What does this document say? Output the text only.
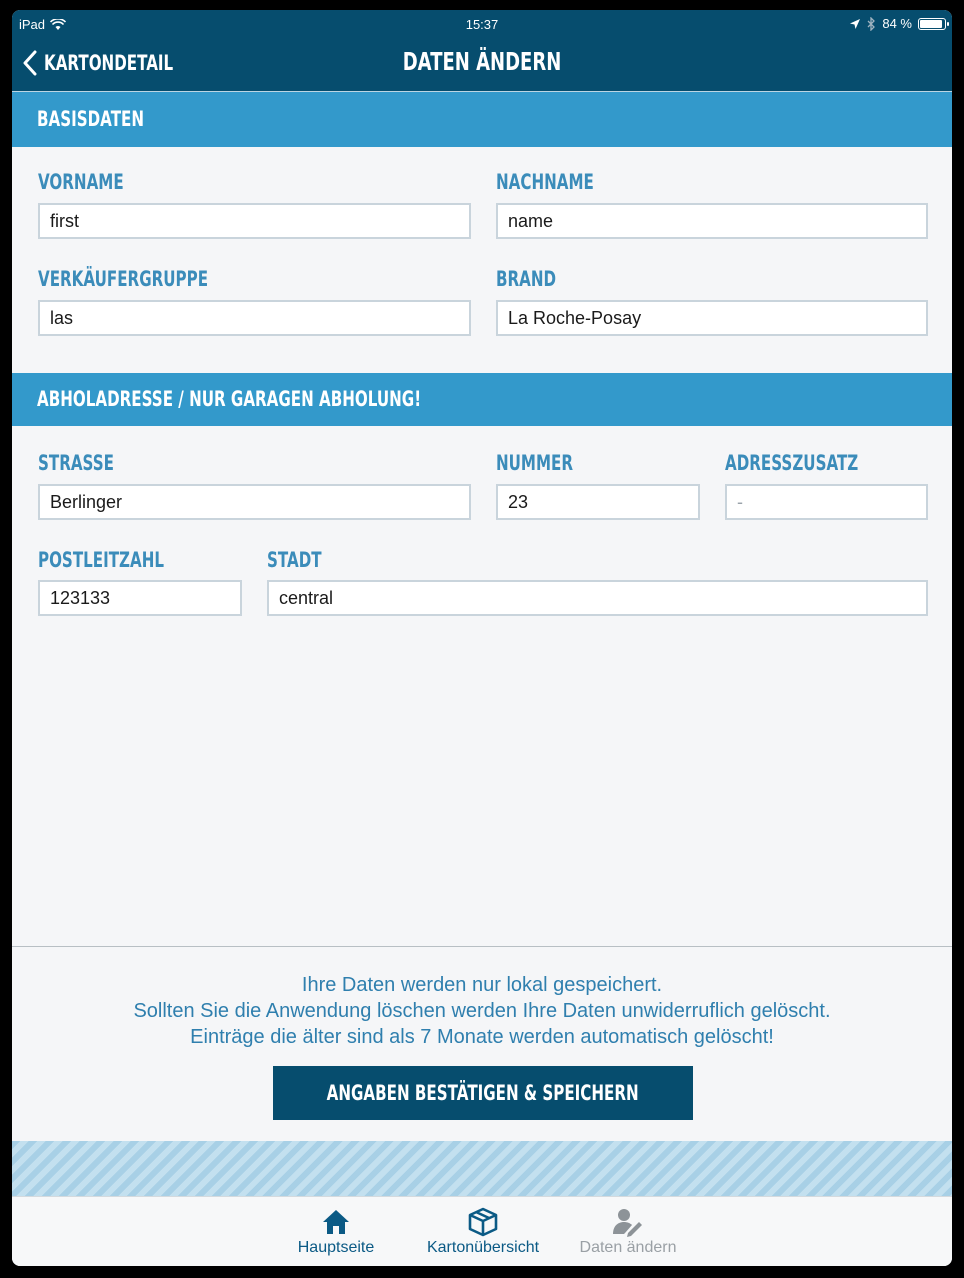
iPad	15:37	84 %
KARTONDETAIL	DATEN ÄNDERN
BASISDATEN
VORNAME
first
NACHNAME
name
VERKÄUFERGRUPPE
las
BRAND
La Roche-Posay
ABHOLADRESSE / NUR GARAGEN ABHOLUNG!
STRASSE
Berlinger
NUMMER
23
ADRESSZUSATZ
-
POSTLEITZAHL
123133
STADT
central
Ihre Daten werden nur lokal gespeichert.
Sollten Sie die Anwendung löschen werden Ihre Daten unwiderruflich gelöscht.
Einträge die älter sind als 7 Monate werden automatisch gelöscht!
ANGABEN BESTÄTIGEN & SPEICHERN
Hauptseite	Kartonübersicht	Daten ändern
